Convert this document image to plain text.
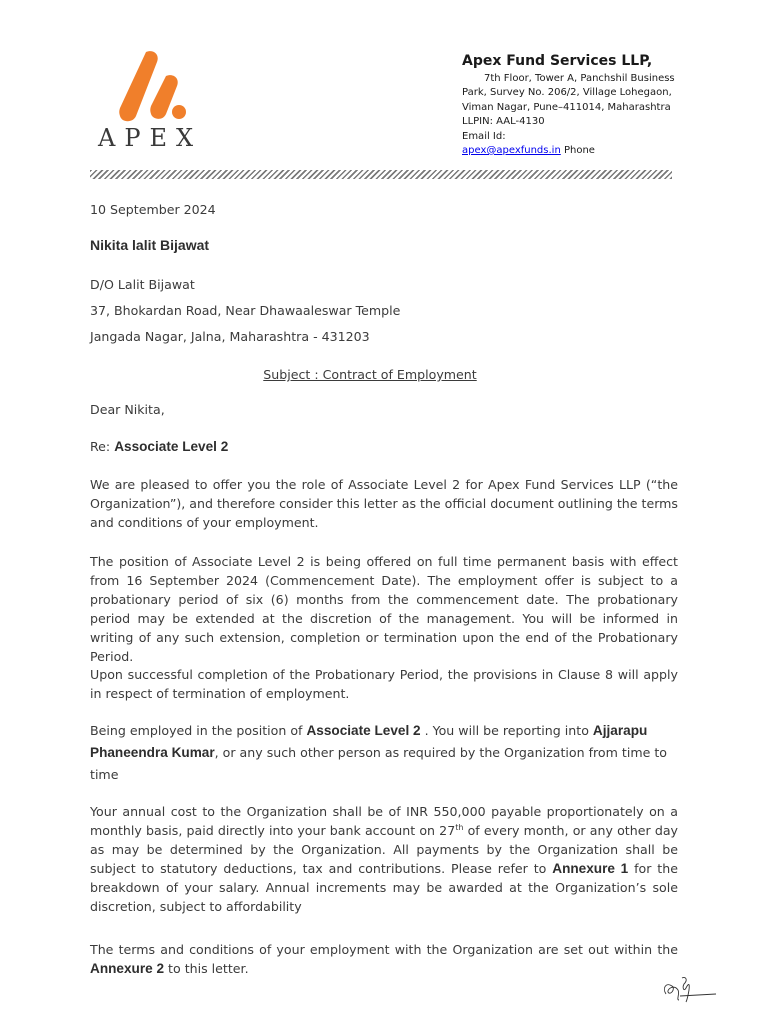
APEX
Apex Fund Services LLP,
7th Floor, Tower A, Panchshil Business
Park, Survey No. 206/2, Village Lohegaon,
Viman Nagar, Pune–411014, Maharashtra
LLPIN: AAL-4130
Email Id:
apex@apexfunds.in Phone
10 September 2024
Nikita lalit Bijawat
D/O Lalit Bijawat
37, Bhokardan Road, Near Dhawaaleswar Temple
Jangada Nagar, Jalna, Maharashtra - 431203
Subject : Contract of Employment
Dear Nikita,
Re: Associate Level 2
We are pleased to offer you the role of Associate Level 2 for Apex Fund Services LLP (“the Organization”), and therefore consider this letter as the official document outlining the terms and conditions of your employment.
The position of Associate Level 2 is being offered on full time permanent basis with effect from 16 September 2024 (Commencement Date). The employment offer is subject to a probationary period of six (6) months from the commencement date. The probationary period may be extended at the discretion of the management. You will be informed in writing of any such extension, completion or termination upon the end of the Probationary Period.
Upon successful completion of the Probationary Period, the provisions in Clause 8 will apply in respect of termination of employment.
Being employed in the position of Associate Level 2 . You will be reporting into Ajjarapu Phaneendra Kumar, or any such other person as required by the Organization from time to time
Your annual cost to the Organization shall be of INR 550,000 payable proportionately on a monthly basis, paid directly into your bank account on 27th of every month, or any other day as may be determined by the Organization. All payments by the Organization shall be subject to statutory deductions, tax and contributions. Please refer to Annexure 1 for the breakdown of your salary. Annual increments may be awarded at the Organization’s sole discretion, subject to affordability
The terms and conditions of your employment with the Organization are set out within the Annexure 2 to this letter.
